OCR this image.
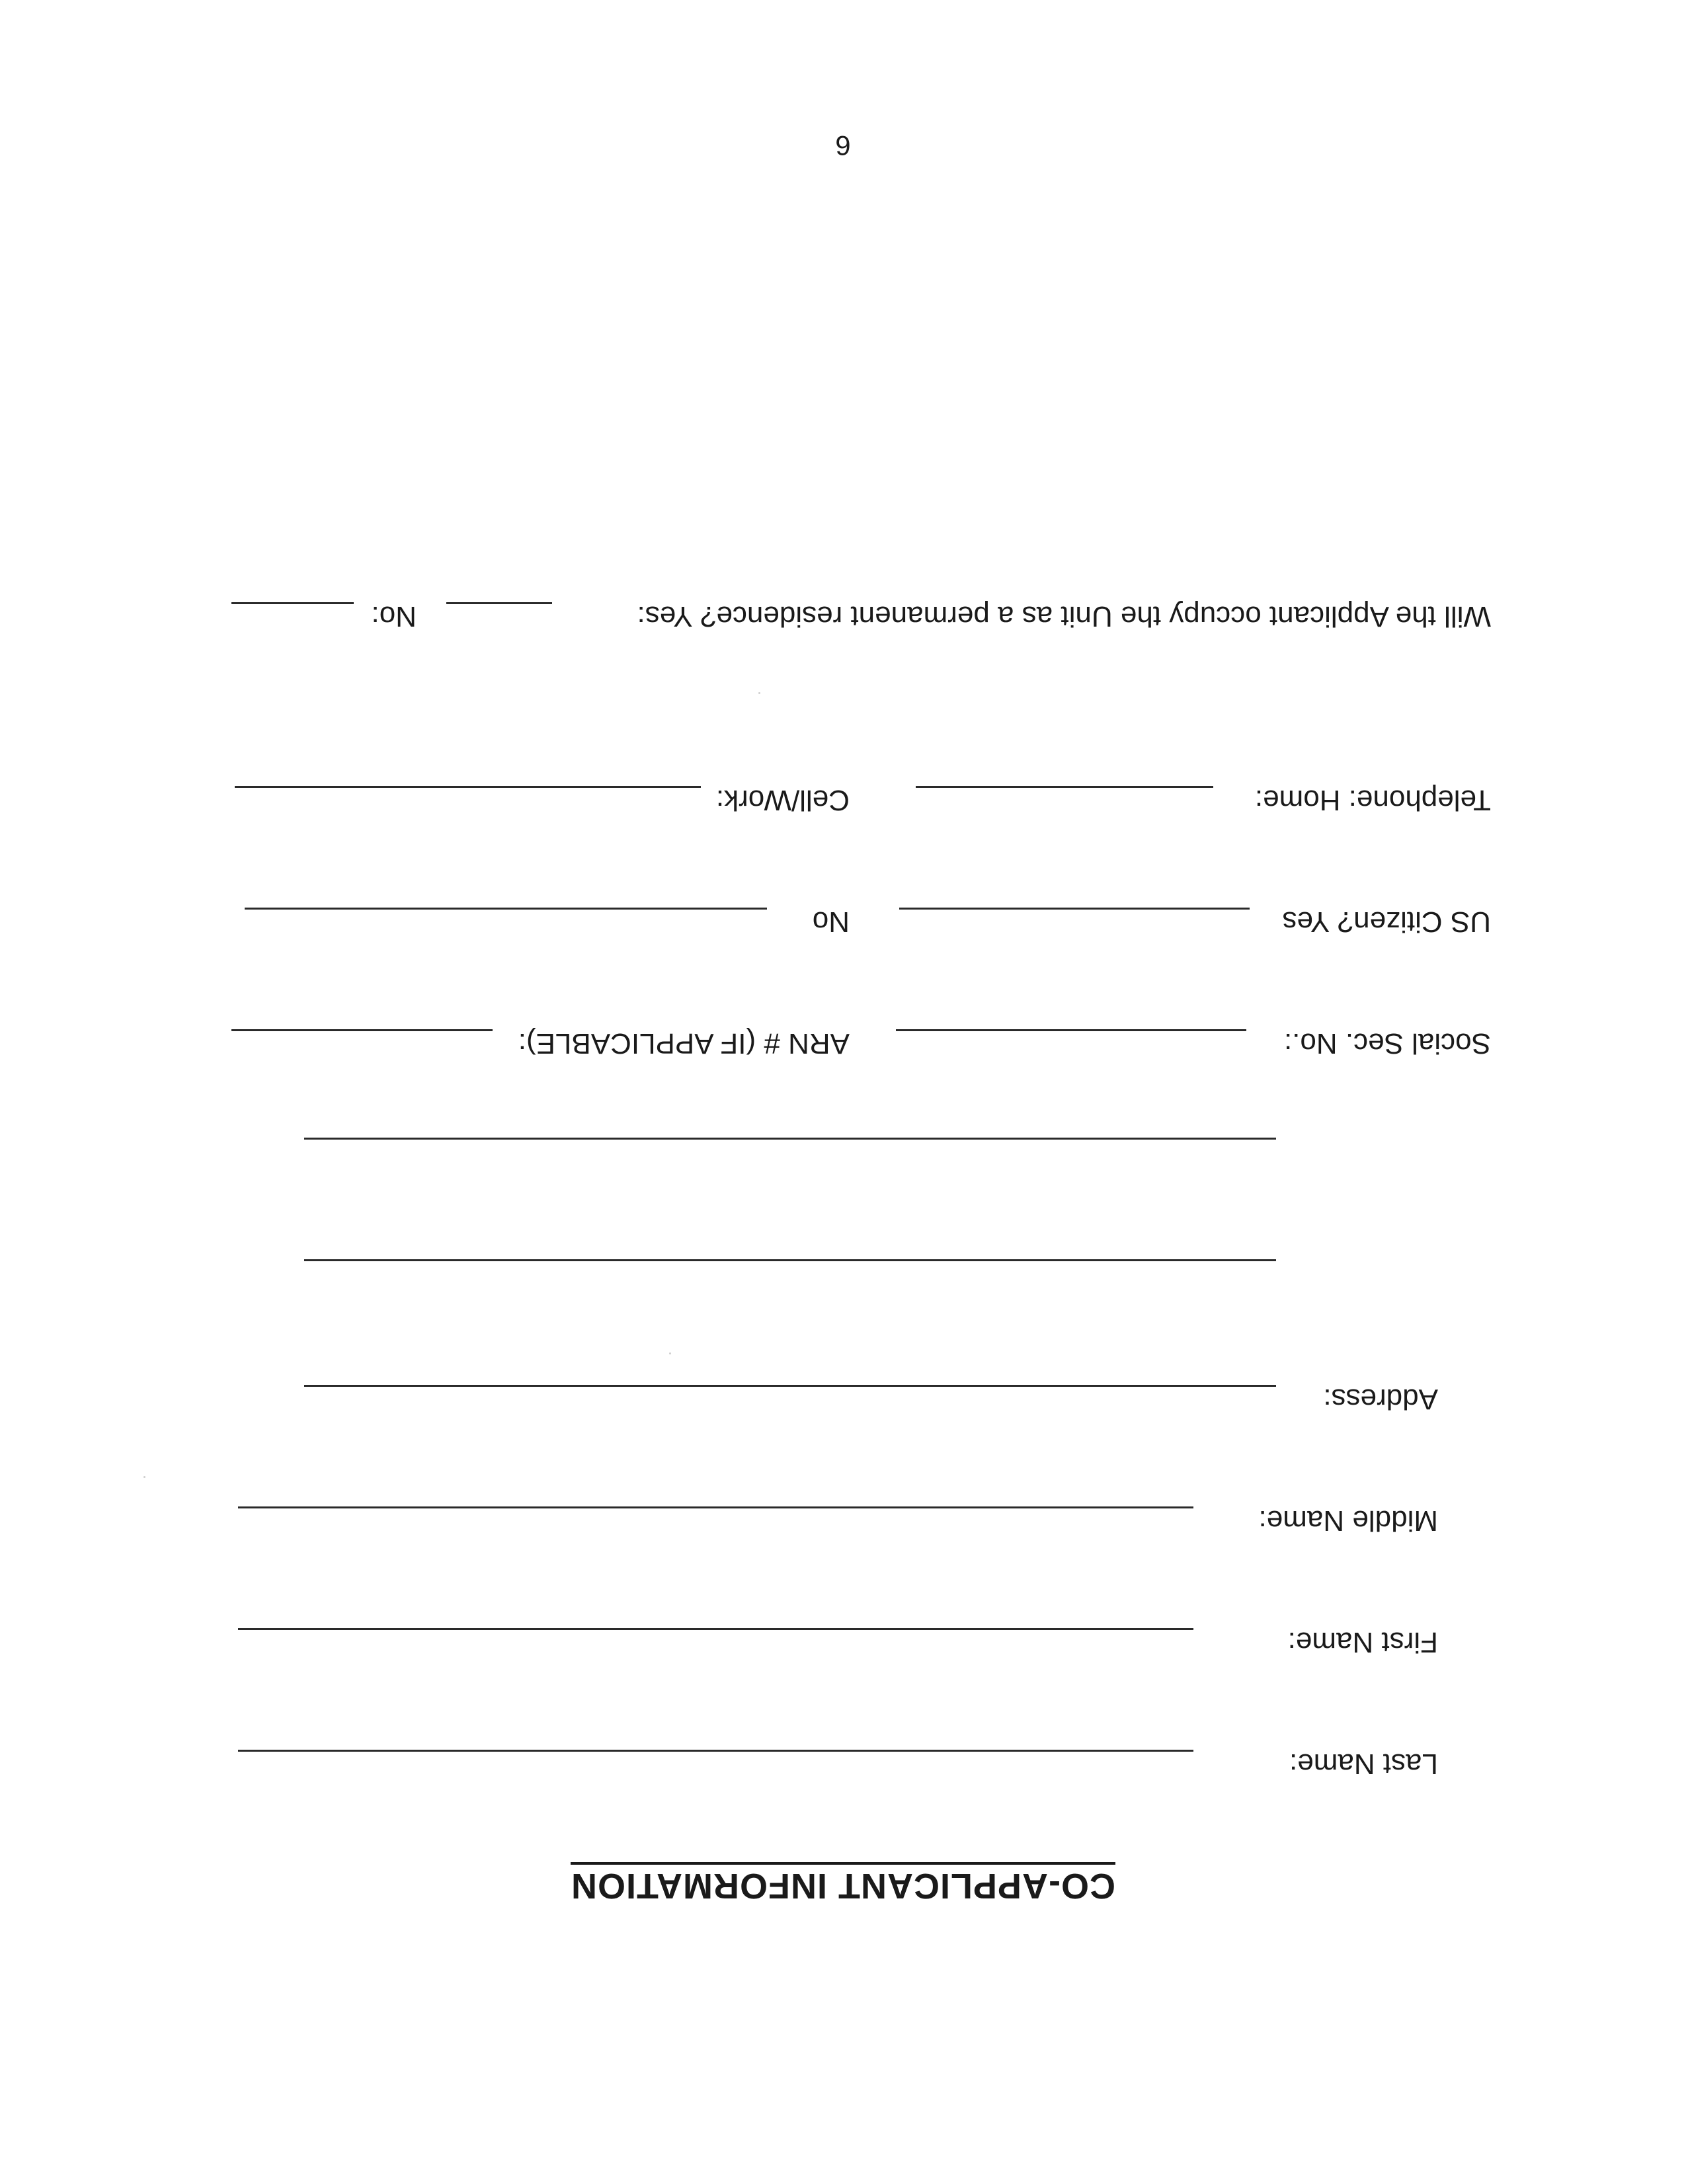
CO-APPLICANT INFORMATION
Last Name:
First Name:
Middle Name:
Address:
Social Sec. No.:
ARN # (IF APPLICABLE):
US Citizen? Yes
No
Telephone: Home:
Cell/Work:
Will the Applicant occupy the Unit as a permanent residence? Yes:
No:
6
